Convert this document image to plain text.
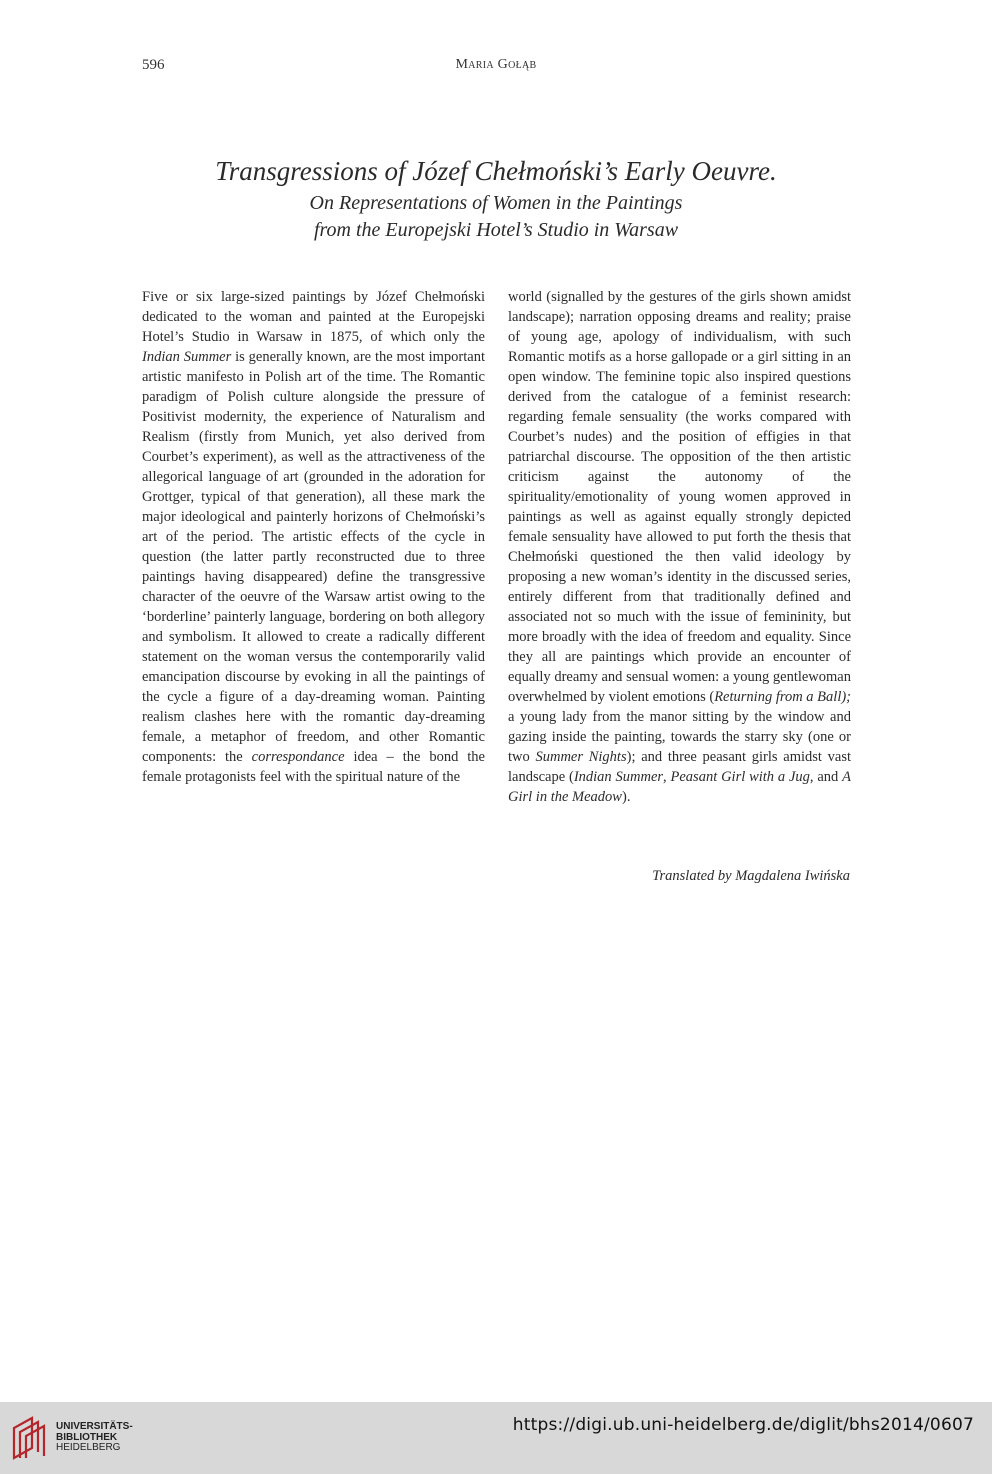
596	Maria Gołąb
Transgressions of Józef Chełmoński’s Early Oeuvre.
On Representations of Women in the Paintings
from the Europejski Hotel’s Studio in Warsaw

Five or six large-sized paintings by Józef Chełmoński dedicated to the woman and painted at the Europejski Hotel’s Studio in Warsaw in 1875, of which only the Indian Summer is generally known, are the most important artistic manifesto in Polish art of the time. The Romantic paradigm of Polish culture alongside the pressure of Positivist modernity, the experience of Naturalism and Realism (firstly from Munich, yet also derived from Courbet’s experiment), as well as the attractiveness of the allegorical language of art (grounded in the adoration for Grottger, typical of that generation), all these mark the major ideological and painterly horizons of Chełmoński’s art of the period. The artistic effects of the cycle in question (the latter partly reconstructed due to three paintings having disappeared) define the transgressive character of the oeuvre of the Warsaw artist owing to the ‘borderline’ painterly language, bordering on both allegory and symbolism. It allowed to create a radically different statement on the woman versus the contemporarily valid emancipation discourse by evoking in all the paintings of the cycle a figure of a day-dreaming woman. Painting realism clashes here with the romantic day-dreaming female, a metaphor of freedom, and other Romantic components: the correspondance idea – the bond the female protagonists feel with the spiritual nature of the

world (signalled by the gestures of the girls shown amidst landscape); narration opposing dreams and reality; praise of young age, apology of individualism, with such Romantic motifs as a horse gallopade or a girl sitting in an open window. The feminine topic also inspired questions derived from the catalogue of a feminist research: regarding female sensuality (the works compared with Courbet’s nudes) and the position of effigies in that patriarchal discourse. The opposition of the then artistic criticism against the autonomy of the spirituality/emotionality of young women approved in paintings as well as against equally strongly depicted female sensuality have allowed to put forth the thesis that Chełmoński questioned the then valid ideology by proposing a new woman’s identity in the discussed series, entirely different from that traditionally defined and associated not so much with the issue of femininity, but more broadly with the idea of freedom and equality. Since they all are paintings which provide an encounter of equally dreamy and sensual women: a young gentlewoman overwhelmed by violent emotions (Returning from a Ball); a young lady from the manor sitting by the window and gazing inside the painting, towards the starry sky (one or two Summer Nights); and three peasant girls amidst vast landscape (Indian Summer, Peasant Girl with a Jug, and A Girl in the Meadow).

Translated by Magdalena Iwińska
UNIVERSITÄTS-
BIBLIOTHEK
HEIDELBERG
https://digi.ub.uni-heidelberg.de/diglit/bhs2014/0607
